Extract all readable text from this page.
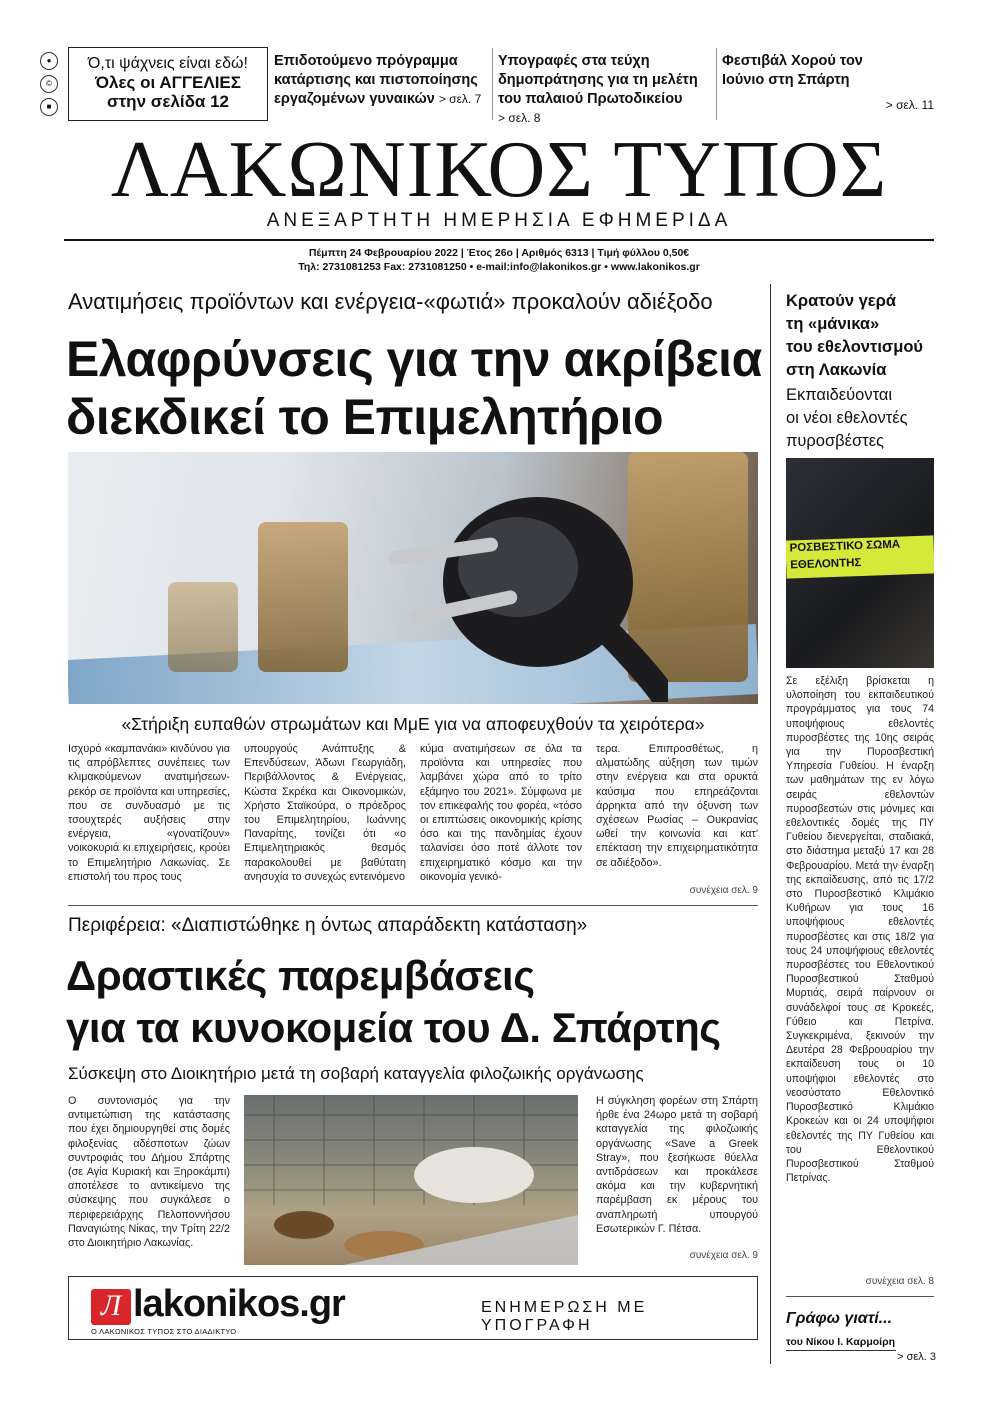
●
©
■
Ό,τι ψάχνεις είναι εδώ!
Όλες οι ΑΓΓΕΛΙΕΣ
στην σελίδα 12
Επιδοτούμενο πρόγραμμα κατάρτισης και πιστοποίησης εργαζομένων γυναικών > σελ. 7
Υπογραφές στα τεύχη δημοπράτησης για τη μελέτη του παλαιού Πρωτοδικείου > σελ. 8
Φεστιβάλ Χορού τον Ιούνιο στη Σπάρτη
> σελ. 11
ΛΑΚΩΝΙΚΟΣ ΤΥΠΟΣ
ΑΝΕΞΑΡΤΗΤΗ ΗΜΕΡΗΣΙΑ ΕΦΗΜΕΡΙΔΑ
Πέμπτη 24 Φεβρουαρίου 2022 | Έτος 26ο | Αριθμός 6313 | Τιμή φύλλου 0,50€
Τηλ: 2731081253 Fax: 2731081250 • e-mail:info@lakonikos.gr • www.lakonikos.gr
Ανατιμήσεις προϊόντων και ενέργεια-«φωτιά» προκαλούν αδιέξοδο
Ελαφρύνσεις για την ακρίβεια
διεκδικεί το Επιμελητήριο
«Στήριξη ευπαθών στρωμάτων και ΜμΕ για να αποφευχθούν τα χειρότερα»
Ισχυρό «καμπανάκι» κινδύνου για τις απρόβλεπτες συνέπειες των κλιμακούμενων ανατιμήσεων-ρεκόρ σε προϊόντα και υπηρεσίες, που σε συνδυασμό με τις τσουχτερές αυξήσεις στην ενέργεια, «γονατίζουν» νοικοκυριά κι επιχειρήσεις, κρούει το Επιμελητήριο Λακωνίας. Σε επιστολή του προς τους
υπουργούς Ανάπτυξης & Επενδύσεων, Άδωνι Γεωργιάδη, Περιβάλλοντος & Ενέργειας, Κώστα Σκρέκα και Οικονομικών, Χρήστο Σταϊκούρα, ο πρόεδρος του Επιμελητηρίου, Ιωάννης Παναρίτης, τονίζει ότι «ο Επιμελητηριακός θεσμός παρακολουθεί με βαθύτατη ανησυχία το συνεχώς εντεινόμενο
κύμα ανατιμήσεων σε όλα τα προϊόντα και υπηρεσίες που λαμβάνει χώρα από το τρίτο εξάμηνο του 2021». Σύμφωνα με τον επικεφαλής του φορέα, «τόσο οι επιπτώσεις οικονομικής κρίσης όσο και της πανδημίας έχουν ταλανίσει όσο ποτέ άλλοτε τον επιχειρηματικό κόσμο και την οικονομία γενικό-
τερα. Επιπροσθέτως, η αλματώδης αύξηση των τιμών στην ενέργεια και στα ορυκτά καύσιμα που επηρεάζονται άρρηκτα από την όξυνση των σχέσεων Ρωσίας – Ουκρανίας ωθεί την κοινωνία και κατ' επέκταση την επιχειρηματικότητα σε αδιέξοδο».
συνέχεια σελ. 9
Περιφέρεια: «Διαπιστώθηκε η όντως απαράδεκτη κατάσταση»
Δραστικές παρεμβάσεις
για τα κυνοκομεία του Δ. Σπάρτης
Σύσκεψη στο Διοικητήριο μετά τη σοβαρή καταγγελία φιλοζωικής οργάνωσης
Ο συντονισμός για την αντιμετώπιση της κατάστασης που έχει δημιουργηθεί στις δομές φιλοξενίας αδέσποτων ζώων συντροφιάς του Δήμου Σπάρτης (σε Αγία Κυριακή και Ξηροκάμπι) αποτέλεσε το αντικείμενο της σύσκεψης που συγκάλεσε ο περιφερειάρχης Πελοποννήσου Παναγιώτης Νίκας, την Τρίτη 22/2 στο Διοικητήριο Λακωνίας.
Η σύγκληση φορέων στη Σπάρτη ήρθε ένα 24ωρο μετά τη σοβαρή καταγγελία της φιλοζωικής οργάνωσης «Save a Greek Stray», που ξεσήκωσε θύελλα αντιδράσεων και προκάλεσε ακόμα και την κυβερνητική παρέμβαση εκ μέρους του αναπληρωτή υπουργού Εσωτερικών Γ. Πέτσα.
συνέχεια σελ. 9
Κρατούν γερά
τη «μάνικα»
του εθελοντισμού
στη Λακωνία
Εκπαιδεύονται
οι νέοι εθελοντές
πυροσβέστες
ΡΟΣΒΕΣΤΙΚΟ ΣΩΜΑ
ΕΘΕΛΟΝΤΗΣ
Σε εξέλιξη βρίσκεται η υλοποίηση του εκπαιδευτικού προγράμματος για τους 74 υποψήφιους εθελοντές πυροσβέστες της 10ης σειράς για την Πυροσβεστική Υπηρεσία Γυθείου. Η έναρξη των μαθημάτων της εν λόγω σειράς εθελοντών πυροσβεστών στις μόνιμες και εθελοντικές δομές της ΠΥ Γυθείου διενεργείται, σταδιακά, στο διάστημα μεταξύ 17 και 28 Φεβρουαρίου. Μετά την έναρξη της εκπαίδευσης, από τις 17/2 στο Πυροσβεστικό Κλιμάκιο Κυθήρων για τους 16 υποψήφιους εθελοντές πυροσβέστες και στις 18/2 για τους 24 υποψήφιους εθελοντές πυροσβέστες του Εθελοντικού Πυροσβεστικού Σταθμού Μυρτιάς, σειρά παίρνουν οι συνάδελφοί τους σε Κροκεές, Γύθειο και Πετρίνα. Συγκεκριμένα, ξεκινούν την Δευτέρα 28 Φεβρουαρίου την εκπαίδευση τους οι 10 υποψήφιοι εθελοντές στο νεοσύστατο Εθελοντικό Πυροσβεστικό Κλιμάκιο Κροκεών και οι 24 υποψήφιοι εθελοντές της ΠΥ Γυθείου και του Εθελοντικού Πυροσβεστικού Σταθμού Πετρίνας.
συνέχεια σελ. 8
Γράφω γιατί...
του Νίκου Ι. Καρμοίρη
> σελ. 3
Л lakonikos.gr
Ο ΛΑΚΩΝΙΚΟΣ ΤΥΠΟΣ ΣΤΟ ΔΙΑΔΙΚΤΥΟ
ΕΝΗΜΕΡΩΣΗ ΜΕ ΥΠΟΓΡΑΦΗ
